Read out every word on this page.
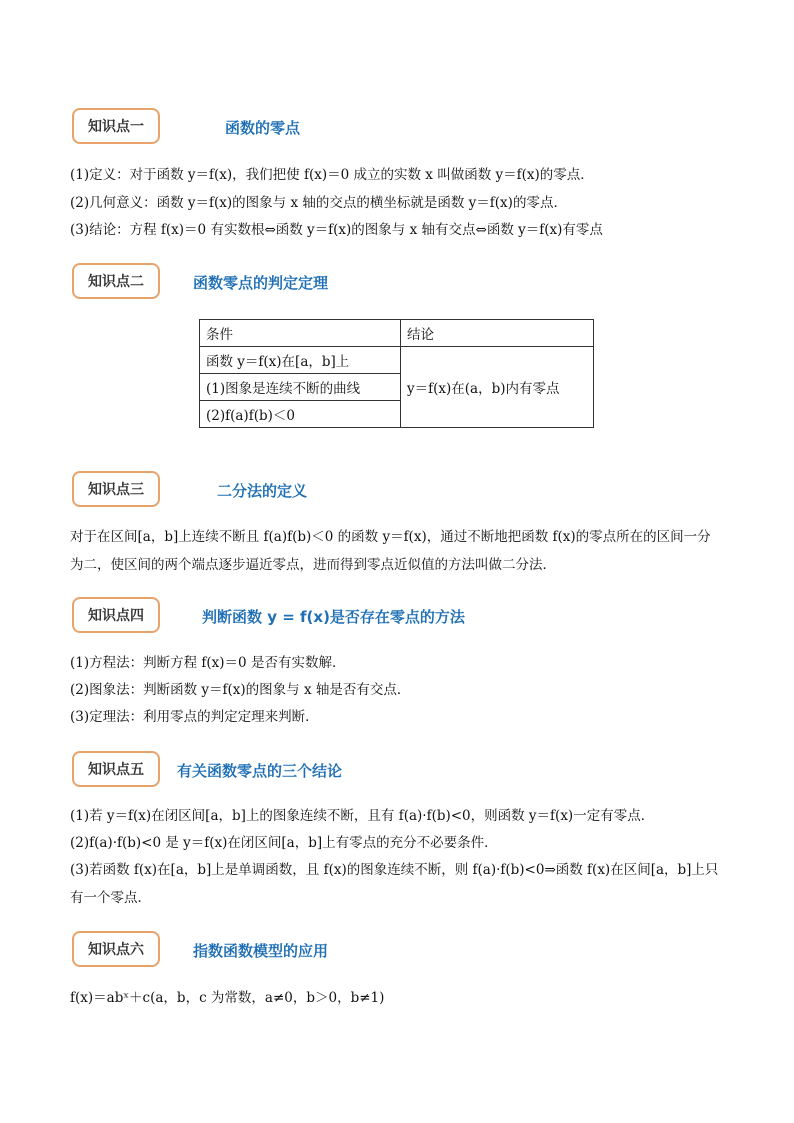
知识点一	函数的零点
(1)定义：对于函数 y＝f(x)，我们把使 f(x)＝0 成立的实数 x 叫做函数 y＝f(x)的零点．
(2)几何意义：函数 y＝f(x)的图象与 x 轴的交点的横坐标就是函数 y＝f(x)的零点．
(3)结论：方程 f(x)＝0 有实数根⇔函数 y＝f(x)的图象与 x 轴有交点⇔函数 y＝f(x)有零点
知识点二	函数零点的判定定理
条件	结论
函数 y＝f(x)在[a，b]上	y＝f(x)在(a，b)内有零点
(1)图象是连续不断的曲线	
(2)f(a)f(b)＜0	
知识点三	二分法的定义
对于在区间[a，b]上连续不断且 f(a)f(b)＜0 的函数 y＝f(x)，通过不断地把函数 f(x)的零点所在的区间一分为二，使区间的两个端点逐步逼近零点，进而得到零点近似值的方法叫做二分法．
知识点四	判断函数 y = f(x)是否存在零点的方法
(1)方程法：判断方程 f(x)＝0 是否有实数解．
(2)图象法：判断函数 y＝f(x)的图象与 x 轴是否有交点．
(3)定理法：利用零点的判定定理来判断．
知识点五	有关函数零点的三个结论
(1)若 y＝f(x)在闭区间[a，b]上的图象连续不断，且有 f(a)·f(b)<0，则函数 y＝f(x)一定有零点．
(2)f(a)·f(b)<0 是 y＝f(x)在闭区间[a，b]上有零点的充分不必要条件．
(3)若函数 f(x)在[a，b]上是单调函数，且 f(x)的图象连续不断，则 f(a)·f(b)<0⇒函数 f(x)在区间[a，b]上只有一个零点．
知识点六	指数函数模型的应用
f(x)＝abˣ＋c(a，b，c 为常数，a≠0，b＞0，b≠1)
